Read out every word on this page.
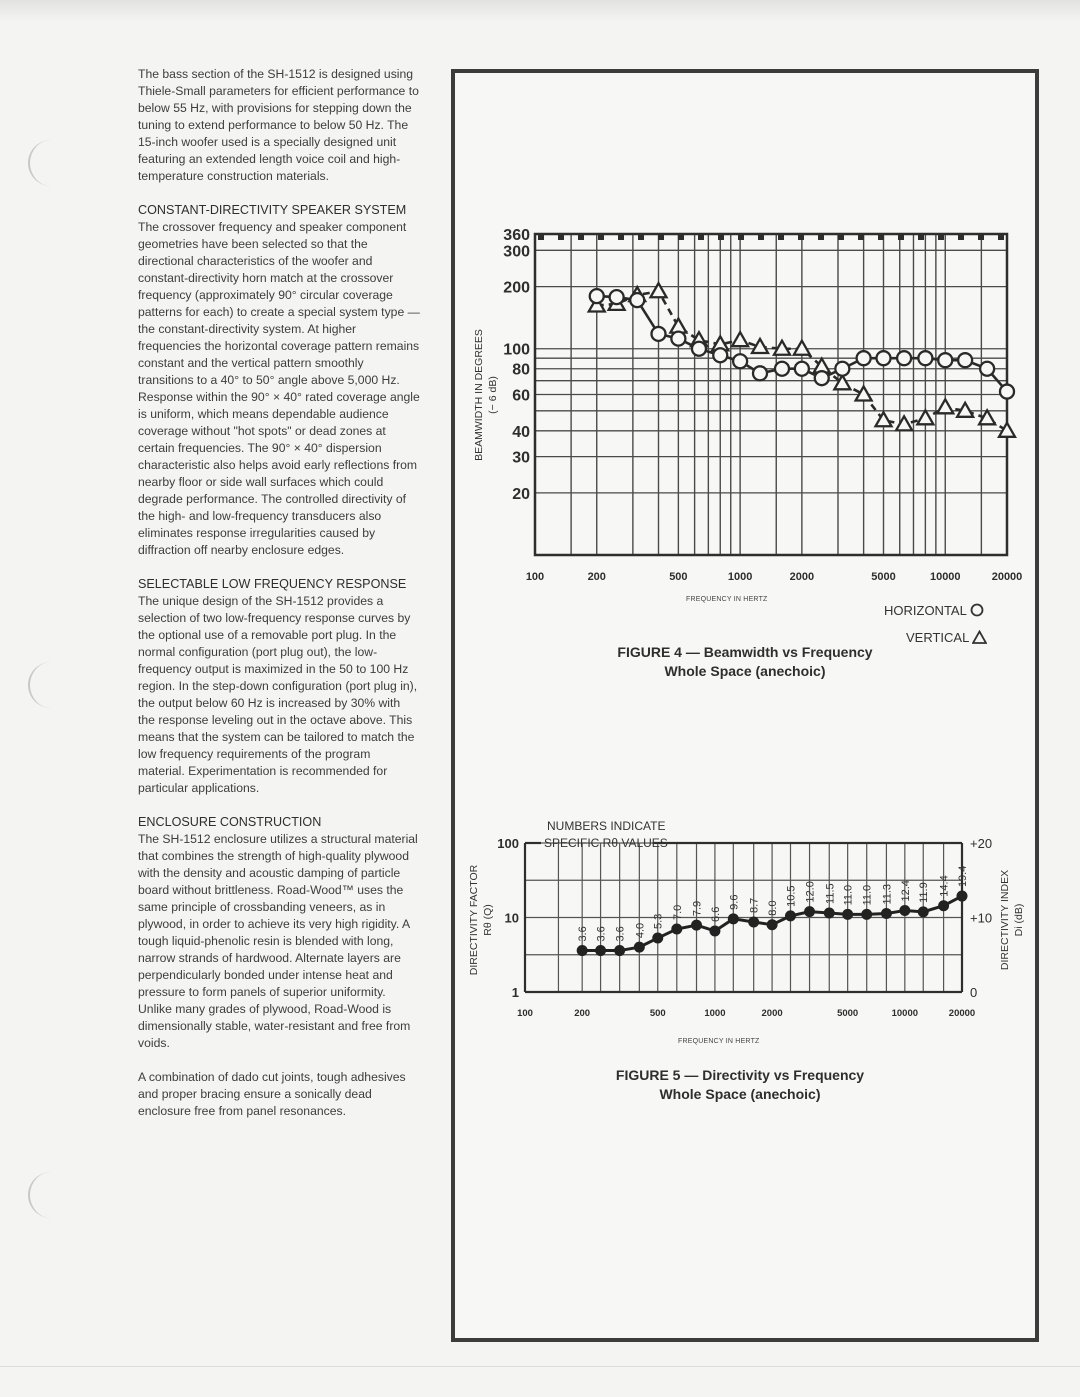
The bass section of the SH-1512 is designed using Thiele-Small parameters for efficient performance to below 55 Hz, with provisions for stepping down the tuning to extend performance to below 50 Hz. The 15-inch woofer used is a specially designed unit featuring an extended length voice coil and high-temperature construction materials.

CONSTANT-DIRECTIVITY SPEAKER SYSTEM

The crossover frequency and speaker component geometries have been selected so that the directional characteristics of the woofer and constant-directivity horn match at the crossover frequency (approximately 90° circular coverage patterns for each) to create a special system type — the constant-directivity system. At higher frequencies the horizontal coverage pattern remains constant and the vertical pattern smoothly transitions to a 40° to 50° angle above 5,000 Hz. Response within the 90° × 40° rated coverage angle is uniform, which means dependable audience coverage without "hot spots" or dead zones at certain frequencies. The 90° × 40° dispersion characteristic also helps avoid early reflections from nearby floor or side wall surfaces which could degrade performance. The controlled directivity of the high- and low-frequency transducers also eliminates response irregularities caused by diffraction off nearby enclosure edges.

SELECTABLE LOW FREQUENCY RESPONSE

The unique design of the SH-1512 provides a selection of two low-frequency response curves by the optional use of a removable port plug. In the normal configuration (port plug out), the low-frequency output is maximized in the 50 to 100 Hz region. In the step-down configuration (port plug in), the output below 60 Hz is increased by 30% with the response leveling out in the octave above. This means that the system can be tailored to match the low frequency requirements of the program material. Experimentation is recommended for particular applications.

ENCLOSURE CONSTRUCTION

The SH-1512 enclosure utilizes a structural material that combines the strength of high-quality plywood with the density and acoustic damping of particle board without brittleness. Road-Wood™ uses the same principle of crossbanding veneers, as in plywood, in order to achieve its very high rigidity. A tough liquid-phenolic resin is blended with long, narrow strands of hardwood. Alternate layers are perpendicularly bonded under intense heat and pressure to form panels of superior uniformity. Unlike many grades of plywood, Road-Wood is dimensionally stable, water-resistant and free from voids.

A combination of dado cut joints, tough adhesives and proper bracing ensure a sonically dead enclosure free from panel resonances.

20
30
40
60
80
100
200
300
360
100	200	500	1000	2000	5000	10000	20000
BEAMWIDTH IN DEGREES (− 6 dB)
FREQUENCY IN HERTZ
HORIZONTAL
VERTICAL
FIGURE 4 — Beamwidth vs Frequency
Whole Space (anechoic)
NUMBERS INDICATE
SPECIFIC Rθ VALUES
1
10
100
0
+10
+20
100	200	500	1000	2000	5000	10000	20000
DIRECTIVITY FACTOR Rθ (Q)	DIRECTIVITY INDEX Di (dB)
3.6 3.6 3.6 4.0
5.3
7.0 7.9 6.6
9.6 8.7 8.0
10.5 12.0 11.5 11.0 11.0 11.3 12.4 11.9 14.4 19.4
FREQUENCY IN HERTZ
FIGURE 5 — Directivity vs Frequency
Whole Space (anechoic)
